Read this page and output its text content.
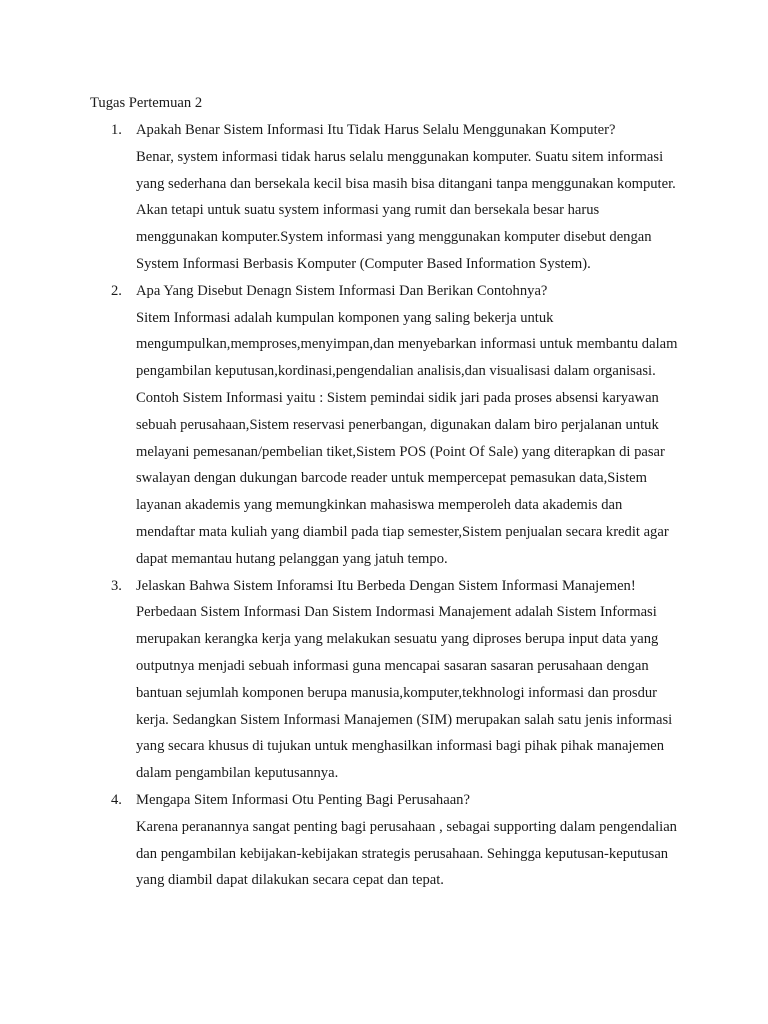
Tugas Pertemuan 2
1. Apakah Benar Sistem Informasi Itu Tidak Harus Selalu Menggunakan Komputer?

Benar, system informasi tidak harus selalu menggunakan komputer. Suatu sitem informasi yang sederhana dan bersekala kecil bisa masih bisa ditangani tanpa menggunakan komputer. Akan tetapi untuk suatu system informasi yang rumit dan bersekala besar harus menggunakan komputer.System informasi yang menggunakan komputer disebut dengan System Informasi Berbasis Komputer (Computer Based Information System).

2. Apa Yang Disebut Denagn Sistem Informasi Dan Berikan Contohnya?

Sitem Informasi adalah kumpulan komponen yang saling bekerja untuk mengumpulkan,memproses,menyimpan,dan menyebarkan informasi untuk membantu dalam pengambilan keputusan,kordinasi,pengendalian analisis,dan visualisasi dalam organisasi. Contoh Sistem Informasi yaitu : Sistem pemindai sidik jari pada proses absensi karyawan sebuah perusahaan,Sistem reservasi penerbangan, digunakan dalam biro perjalanan untuk melayani pemesanan/pembelian tiket,Sistem POS (Point Of Sale) yang diterapkan di pasar swalayan dengan dukungan barcode reader untuk mempercepat pemasukan data,Sistem layanan akademis yang memungkinkan mahasiswa memperoleh data akademis dan mendaftar mata kuliah yang diambil pada tiap semester,Sistem penjualan secara kredit agar dapat memantau hutang pelanggan yang jatuh tempo.

3. Jelaskan Bahwa Sistem Inforamsi Itu Berbeda Dengan Sistem Informasi Manajemen!

Perbedaan Sistem Informasi Dan Sistem Indormasi Manajement adalah Sistem Informasi merupakan kerangka kerja yang melakukan sesuatu yang diproses berupa input data yang outputnya menjadi sebuah informasi guna mencapai sasaran sasaran perusahaan dengan bantuan sejumlah komponen berupa manusia,komputer,tekhnologi informasi dan prosdur kerja. Sedangkan Sistem Informasi Manajemen (SIM) merupakan salah satu jenis informasi yang secara khusus di tujukan untuk menghasilkan informasi bagi pihak pihak manajemen dalam pengambilan keputusannya.

4. Mengapa Sitem Informasi Otu Penting Bagi Perusahaan?

Karena peranannya sangat penting bagi perusahaan , sebagai supporting dalam pengendalian dan pengambilan kebijakan-kebijakan strategis perusahaan. Sehingga keputusan-keputusan yang diambil dapat dilakukan secara cepat dan tepat.
